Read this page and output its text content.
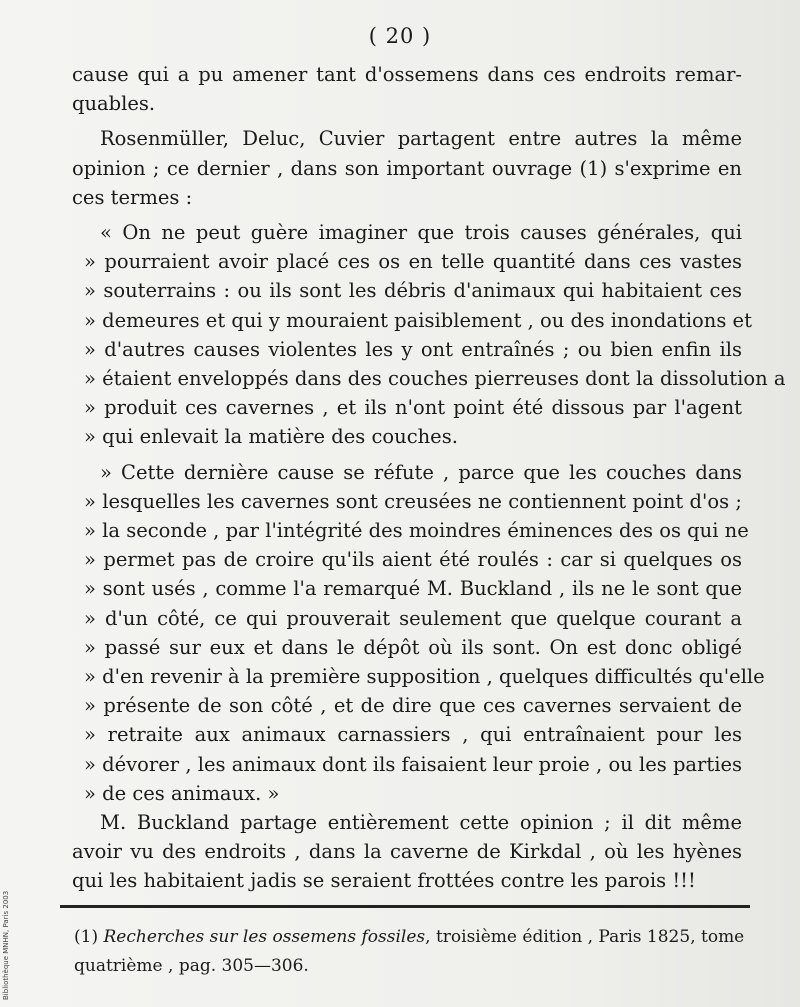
( 20 )
cause qui a pu amener tant d'ossemens dans ces endroits remar-
quables.
Rosenmüller, Deluc, Cuvier partagent entre autres la même
opinion ; ce dernier , dans son important ouvrage (1) s'exprime en
ces termes :
« On ne peut guère imaginer que trois causes générales, qui
» pourraient avoir placé ces os en telle quantité dans ces vastes
» souterrains : ou ils sont les débris d'animaux qui habitaient ces
» demeures et qui y mouraient paisiblement , ou des inondations et
» d'autres causes violentes les y ont entraînés ; ou bien enfin ils
» étaient enveloppés dans des couches pierreuses dont la dissolution a
» produit ces cavernes , et ils n'ont point été dissous par l'agent
» qui enlevait la matière des couches.
» Cette dernière cause se réfute , parce que les couches dans
» lesquelles les cavernes sont creusées ne contiennent point d'os ;
» la seconde , par l'intégrité des moindres éminences des os qui ne
» permet pas de croire qu'ils aient été roulés : car si quelques os
» sont usés , comme l'a remarqué M. Buckland , ils ne le sont que
» d'un côté, ce qui prouverait seulement que quelque courant a
» passé sur eux et dans le dépôt où ils sont. On est donc obligé
» d'en revenir à la première supposition , quelques difficultés qu'elle
» présente de son côté , et de dire que ces cavernes servaient de
» retraite aux animaux carnassiers , qui entraînaient pour les
» dévorer , les animaux dont ils faisaient leur proie , ou les parties
» de ces animaux. »
M. Buckland partage entièrement cette opinion ; il dit même
avoir vu des endroits , dans la caverne de Kirkdal , où les hyènes
qui les habitaient jadis se seraient frottées contre les parois !!!
(1) Recherches sur les ossemens fossiles, troisième édition , Paris 1825, tome
quatrième , pag. 305—306.
Bibliothèque MNHN, Paris 2003
